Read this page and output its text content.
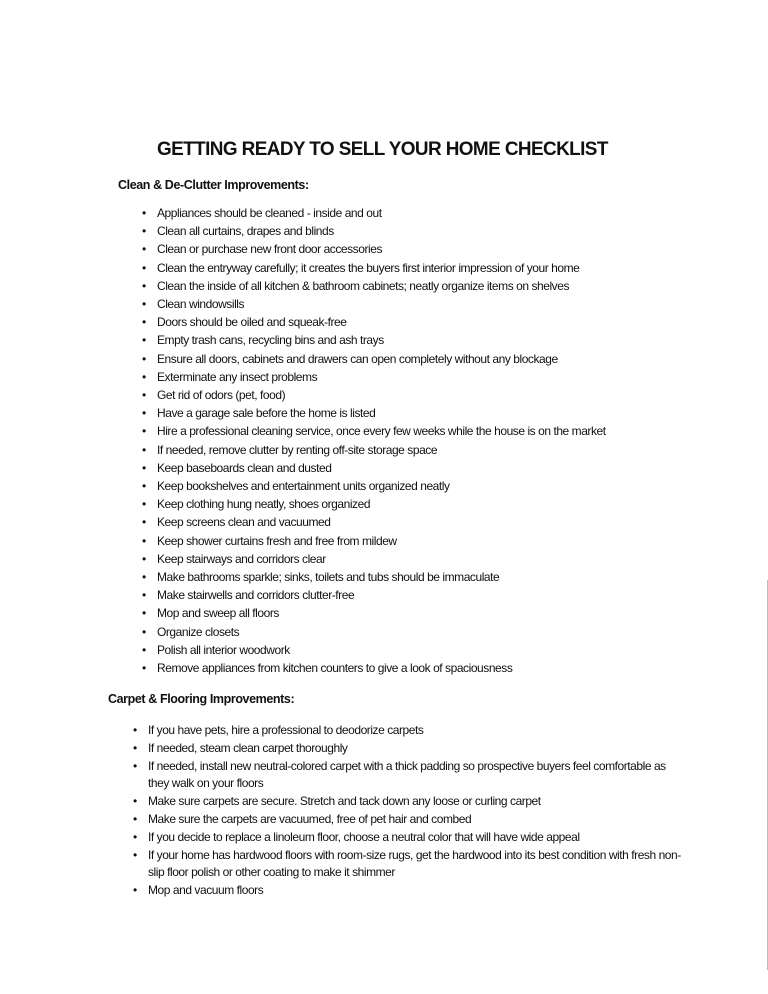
GETTING READY TO SELL YOUR HOME CHECKLIST
Clean & De-Clutter Improvements:
• Appliances should be cleaned - inside and out
• Clean all curtains, drapes and blinds
• Clean or purchase new front door accessories
• Clean the entryway carefully; it creates the buyers first interior impression of your home
• Clean the inside of all kitchen & bathroom cabinets; neatly organize items on shelves
• Clean windowsills
• Doors should be oiled and squeak-free
• Empty trash cans, recycling bins and ash trays
• Ensure all doors, cabinets and drawers can open completely without any blockage
• Exterminate any insect problems
• Get rid of odors (pet, food)
• Have a garage sale before the home is listed
• Hire a professional cleaning service, once every few weeks while the house is on the market
• If needed, remove clutter by renting off-site storage space
• Keep baseboards clean and dusted
• Keep bookshelves and entertainment units organized neatly
• Keep clothing hung neatly, shoes organized
• Keep screens clean and vacuumed
• Keep shower curtains fresh and free from mildew
• Keep stairways and corridors clear
• Make bathrooms sparkle; sinks, toilets and tubs should be immaculate
• Make stairwells and corridors clutter-free
• Mop and sweep all floors
• Organize closets
• Polish all interior woodwork
• Remove appliances from kitchen counters to give a look of spaciousness
Carpet & Flooring Improvements:
• If you have pets, hire a professional to deodorize carpets
• If needed, steam clean carpet thoroughly
• If needed, install new neutral-colored carpet with a thick padding so prospective buyers feel comfortable as they walk on your floors
• Make sure carpets are secure. Stretch and tack down any loose or curling carpet
• Make sure the carpets are vacuumed, free of pet hair and combed
• If you decide to replace a linoleum floor, choose a neutral color that will have wide appeal
• If your home has hardwood floors with room-size rugs, get the hardwood into its best condition with fresh non-slip floor polish or other coating to make it shimmer
• Mop and vacuum floors
